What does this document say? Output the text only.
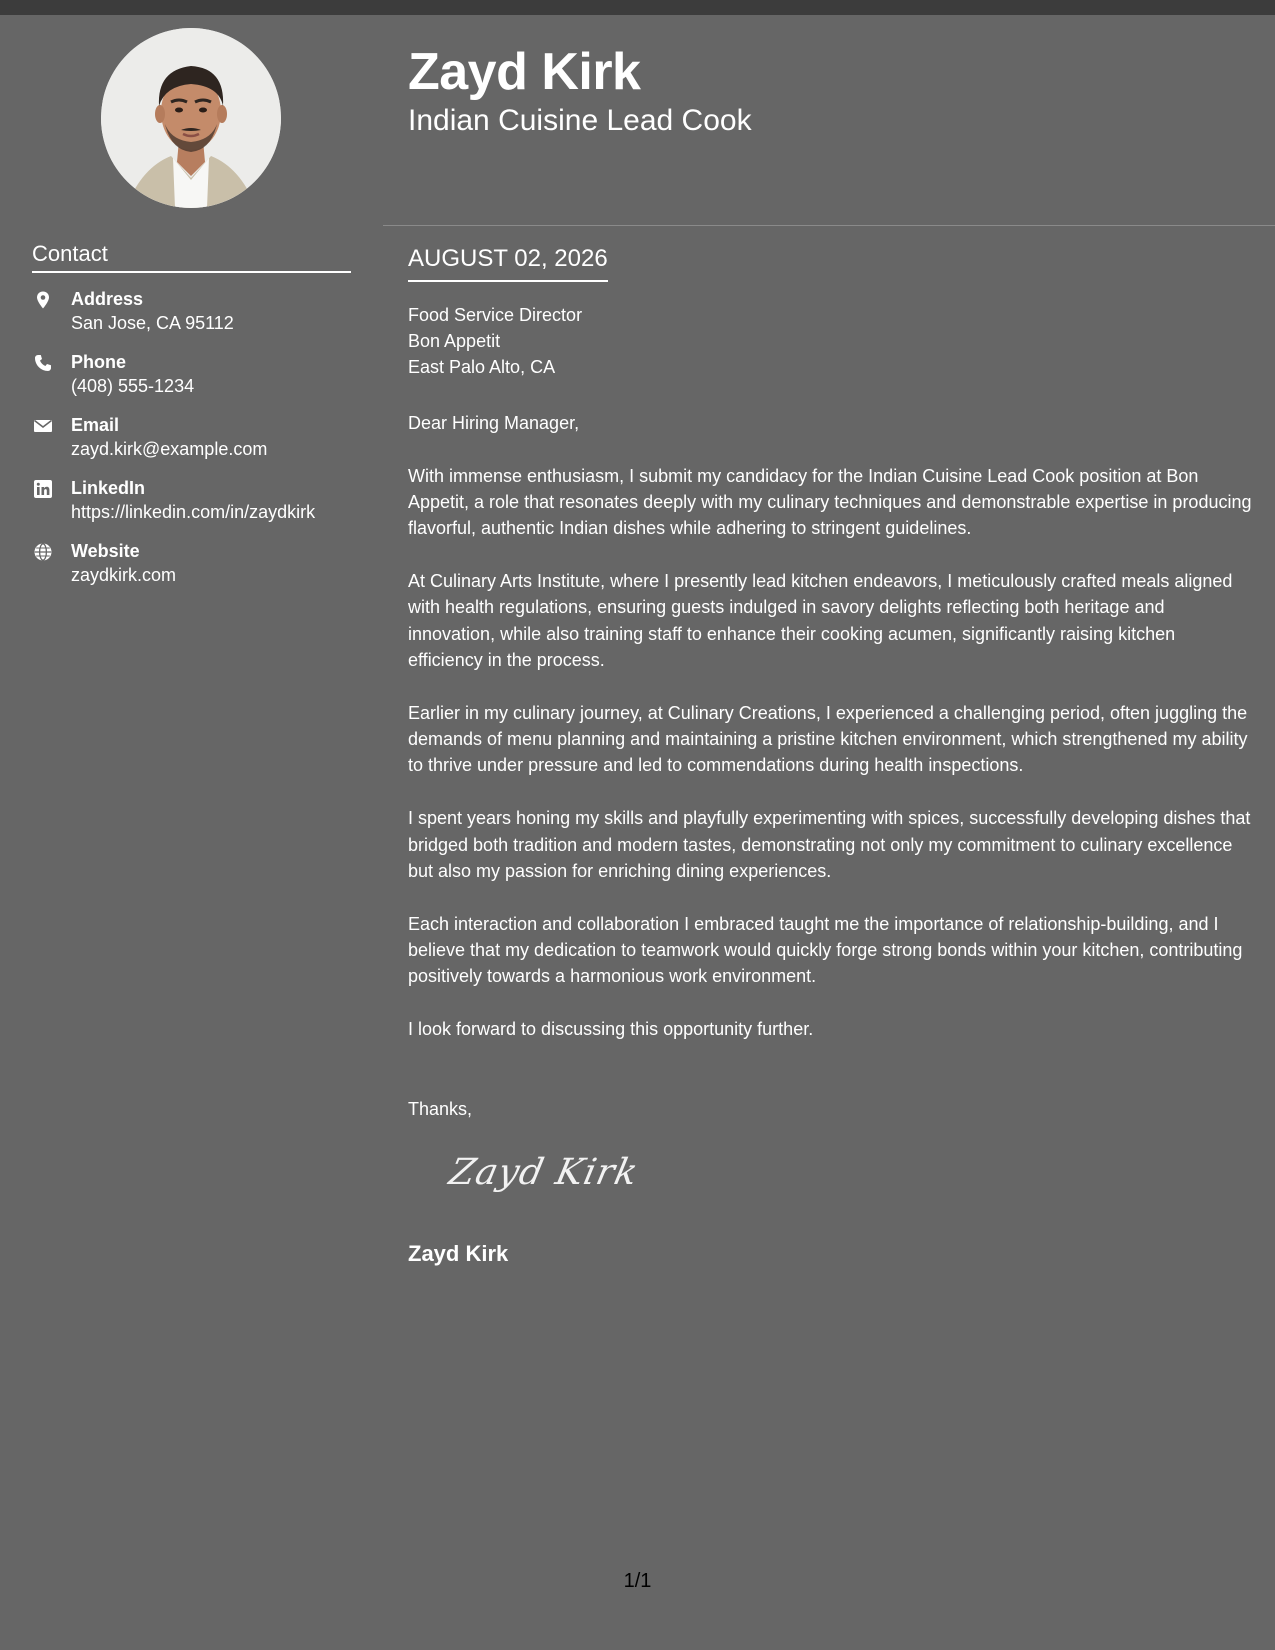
Contact
Address
San Jose, CA 95112
Phone
(408) 555-1234
Email
zayd.kirk@example.com
LinkedIn
https://linkedin.com/in/zaydkirk
Website
zaydkirk.com
Zayd Kirk
Indian Cuisine Lead Cook
AUGUST 02, 2026
Food Service Director
Bon Appetit
East Palo Alto, CA

Dear Hiring Manager,

With immense enthusiasm, I submit my candidacy for the Indian Cuisine Lead Cook position at Bon Appetit, a role that resonates deeply with my culinary techniques and demonstrable expertise in producing flavorful, authentic Indian dishes while adhering to stringent guidelines.

At Culinary Arts Institute, where I presently lead kitchen endeavors, I meticulously crafted meals aligned with health regulations, ensuring guests indulged in savory delights reflecting both heritage and innovation, while also training staff to enhance their cooking acumen, significantly raising kitchen efficiency in the process.

Earlier in my culinary journey, at Culinary Creations, I experienced a challenging period, often juggling the demands of menu planning and maintaining a pristine kitchen environment, which strengthened my ability to thrive under pressure and led to commendations during health inspections.

I spent years honing my skills and playfully experimenting with spices, successfully developing dishes that bridged both tradition and modern tastes, demonstrating not only my commitment to culinary excellence but also my passion for enriching dining experiences.

Each interaction and collaboration I embraced taught me the importance of relationship-building, and I believe that my dedication to teamwork would quickly forge strong bonds within your kitchen, contributing positively towards a harmonious work environment.

I look forward to discussing this opportunity further.

Thanks,
Zayd Kirk
Zayd Kirk
1/1
